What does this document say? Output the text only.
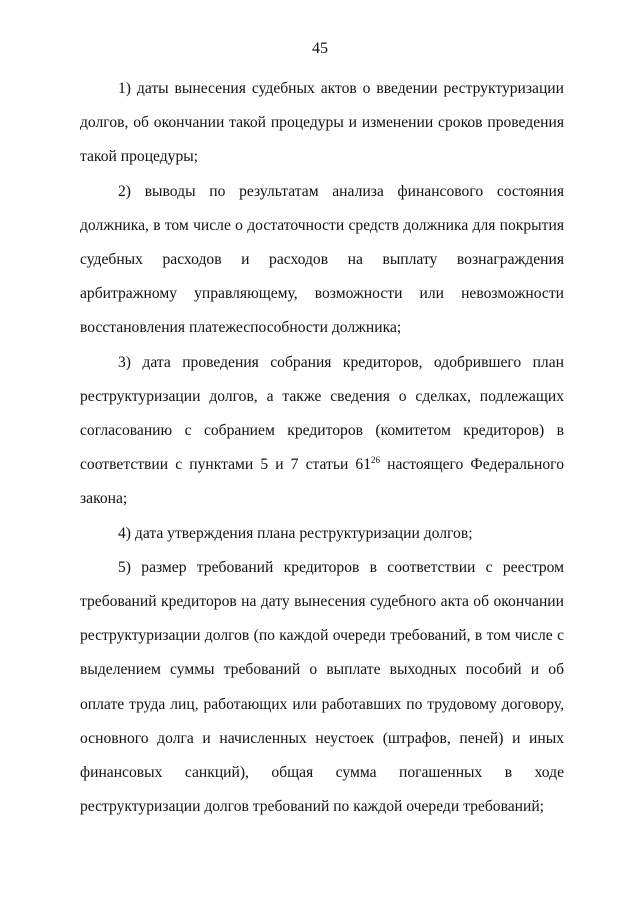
45

1) даты вынесения судебных актов о введении реструктуризации долгов, об окончании такой процедуры и изменении сроков проведения такой процедуры;

2) выводы по результатам анализа финансового состояния должника, в том числе о достаточности средств должника для покрытия судебных расходов и расходов на выплату вознаграждения арбитражному управляющему, возможности или невозможности восстановления платежеспособности должника;

3) дата проведения собрания кредиторов, одобрившего план реструктуризации долгов, а также сведения о сделках, подлежащих согласованию с собранием кредиторов (комитетом кредиторов) в соответствии с пунктами 5 и 7 статьи $61^{26}$ настоящего Федерального закона;

4) дата утверждения плана реструктуризации долгов;

5) размер требований кредиторов в соответствии с реестром требований кредиторов на дату вынесения судебного акта об окончании реструктуризации долгов (по каждой очереди требований, в том числе с выделением суммы требований о выплате выходных пособий и об оплате труда лиц, работающих или работавших по трудовому договору, основного долга и начисленных неустоек (штрафов, пеней) и иных финансовых санкций), общая сумма погашенных в ходе реструктуризации долгов требований по каждой очереди требований;
